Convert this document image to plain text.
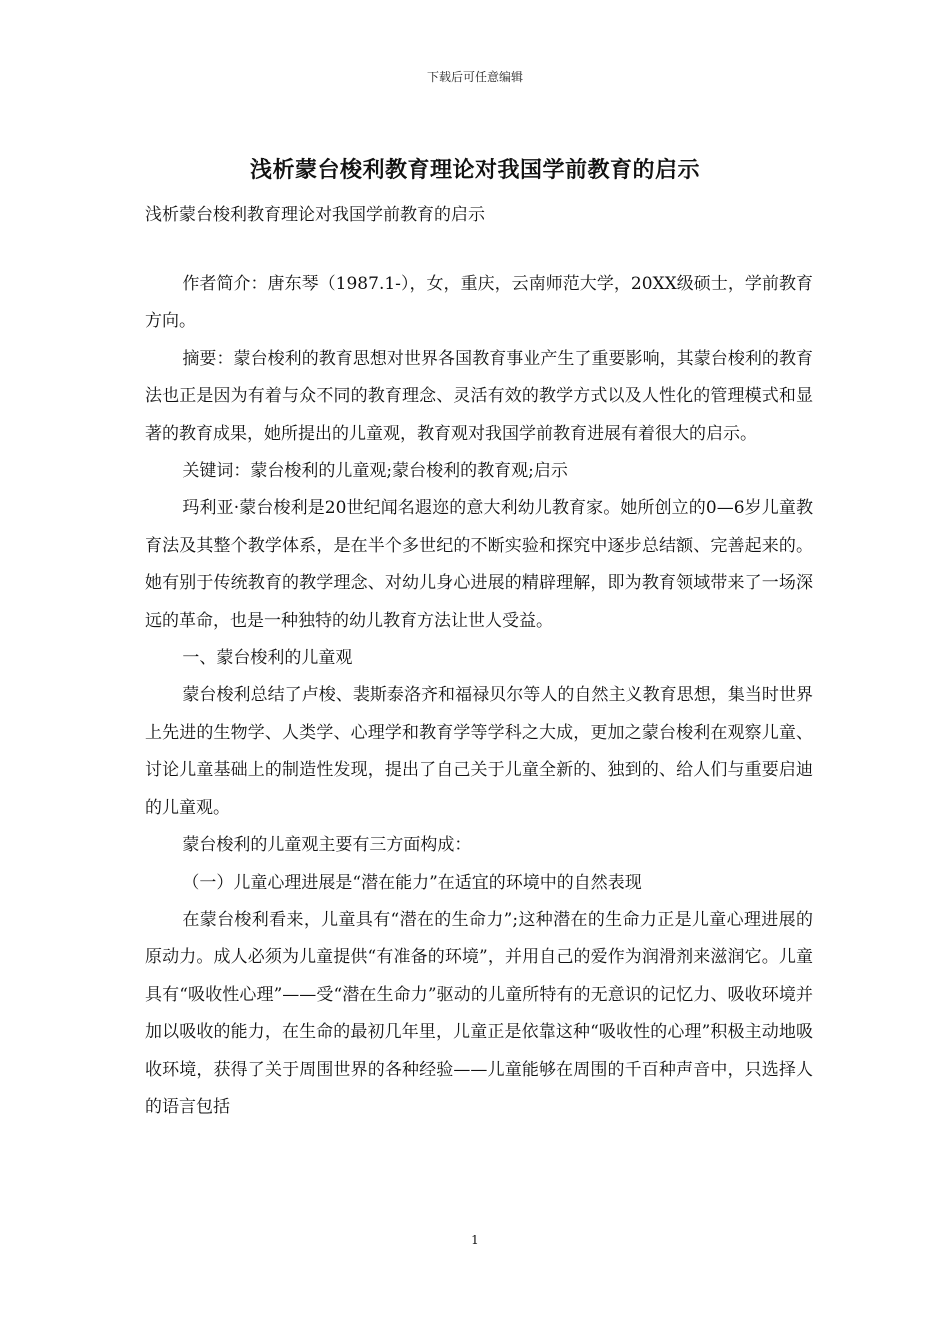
下载后可任意编辑
浅析蒙台梭利教育理论对我国学前教育的启示
浅析蒙台梭利教育理论对我国学前教育的启示

作者简介：唐东琴（1987.1-），女，重庆，云南师范大学，20XX级硕士，学前教育方向。

摘要：蒙台梭利的教育思想对世界各国教育事业产生了重要影响，其蒙台梭利的教育法也正是因为有着与众不同的教育理念、灵活有效的教学方式以及人性化的管理模式和显著的教育成果，她所提出的儿童观，教育观对我国学前教育进展有着很大的启示。

关键词：蒙台梭利的儿童观;蒙台梭利的教育观;启示

玛利亚·蒙台梭利是20世纪闻名遐迩的意大利幼儿教育家。她所创立的0—6岁儿童教育法及其整个教学体系，是在半个多世纪的不断实验和探究中逐步总结额、完善起来的。她有别于传统教育的教学理念、对幼儿身心进展的精辟理解，即为教育领域带来了一场深远的革命，也是一种独特的幼儿教育方法让世人受益。

一、蒙台梭利的儿童观

蒙台梭利总结了卢梭、裴斯泰洛齐和福禄贝尔等人的自然主义教育思想，集当时世界上先进的生物学、人类学、心理学和教育学等学科之大成，更加之蒙台梭利在观察儿童、讨论儿童基础上的制造性发现，提出了自己关于儿童全新的、独到的、给人们与重要启迪的儿童观。

蒙台梭利的儿童观主要有三方面构成：

（一）儿童心理进展是“潜在能力”在适宜的环境中的自然表现

在蒙台梭利看来，儿童具有“潜在的生命力”;这种潜在的生命力正是儿童心理进展的原动力。成人必须为儿童提供“有准备的环境”，并用自己的爱作为润滑剂来滋润它。儿童具有“吸收性心理”——受“潜在生命力”驱动的儿童所特有的无意识的记忆力、吸收环境并加以吸收的能力，在生命的最初几年里，儿童正是依靠这种“吸收性的心理”积极主动地吸收环境，获得了关于周围世界的各种经验——儿童能够在周围的千百种声音中，只选择人的语言包括

1
